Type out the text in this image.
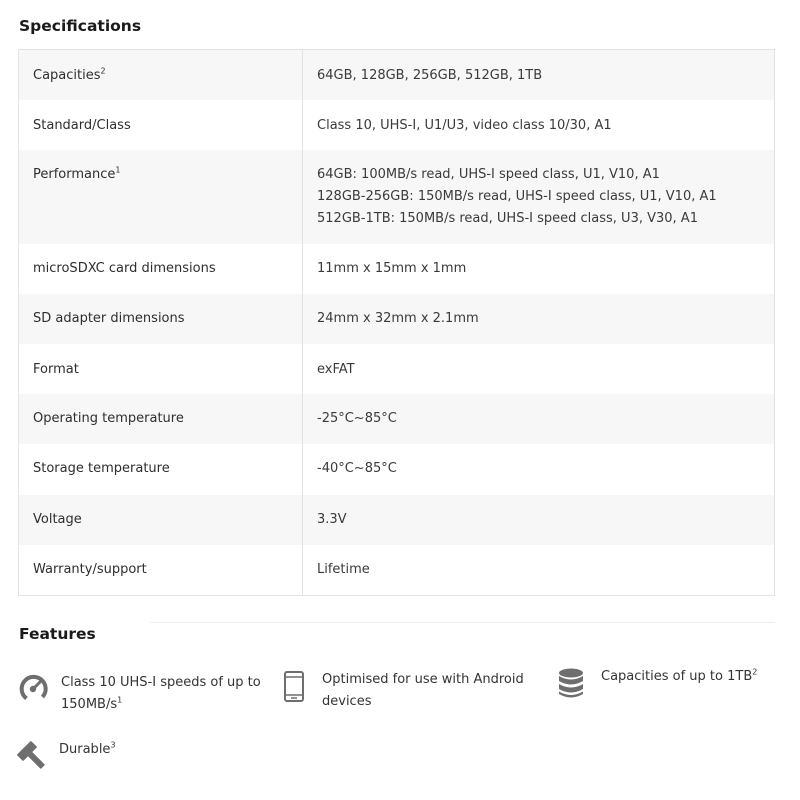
Specifications
Capacities$^2$	64GB, 128GB, 256GB, 512GB, 1TB
Standard/Class	Class 10, UHS-I, U1/U3, video class 10/30, A1
Performance$^1$	64GB: 100MB/s read, UHS-I speed class, U1, V10, A1
128GB-256GB: 150MB/s read, UHS-I speed class, U1, V10, A1
512GB-1TB: 150MB/s read, UHS-I speed class, U3, V30, A1
microSDXC card dimensions	11mm x 15mm x 1mm
SD adapter dimensions	24mm x 32mm x 2.1mm
Format	exFAT
Operating temperature	-25°C~85°C
Storage temperature	-40°C~85°C
Voltage	3.3V
Warranty/support	Lifetime
Features
Class 10 UHS-I speeds of up to
$150MB/s^1$
Optimised for use with Android
devices
Capacities of up to $1TB^2$
Durable$^3$
